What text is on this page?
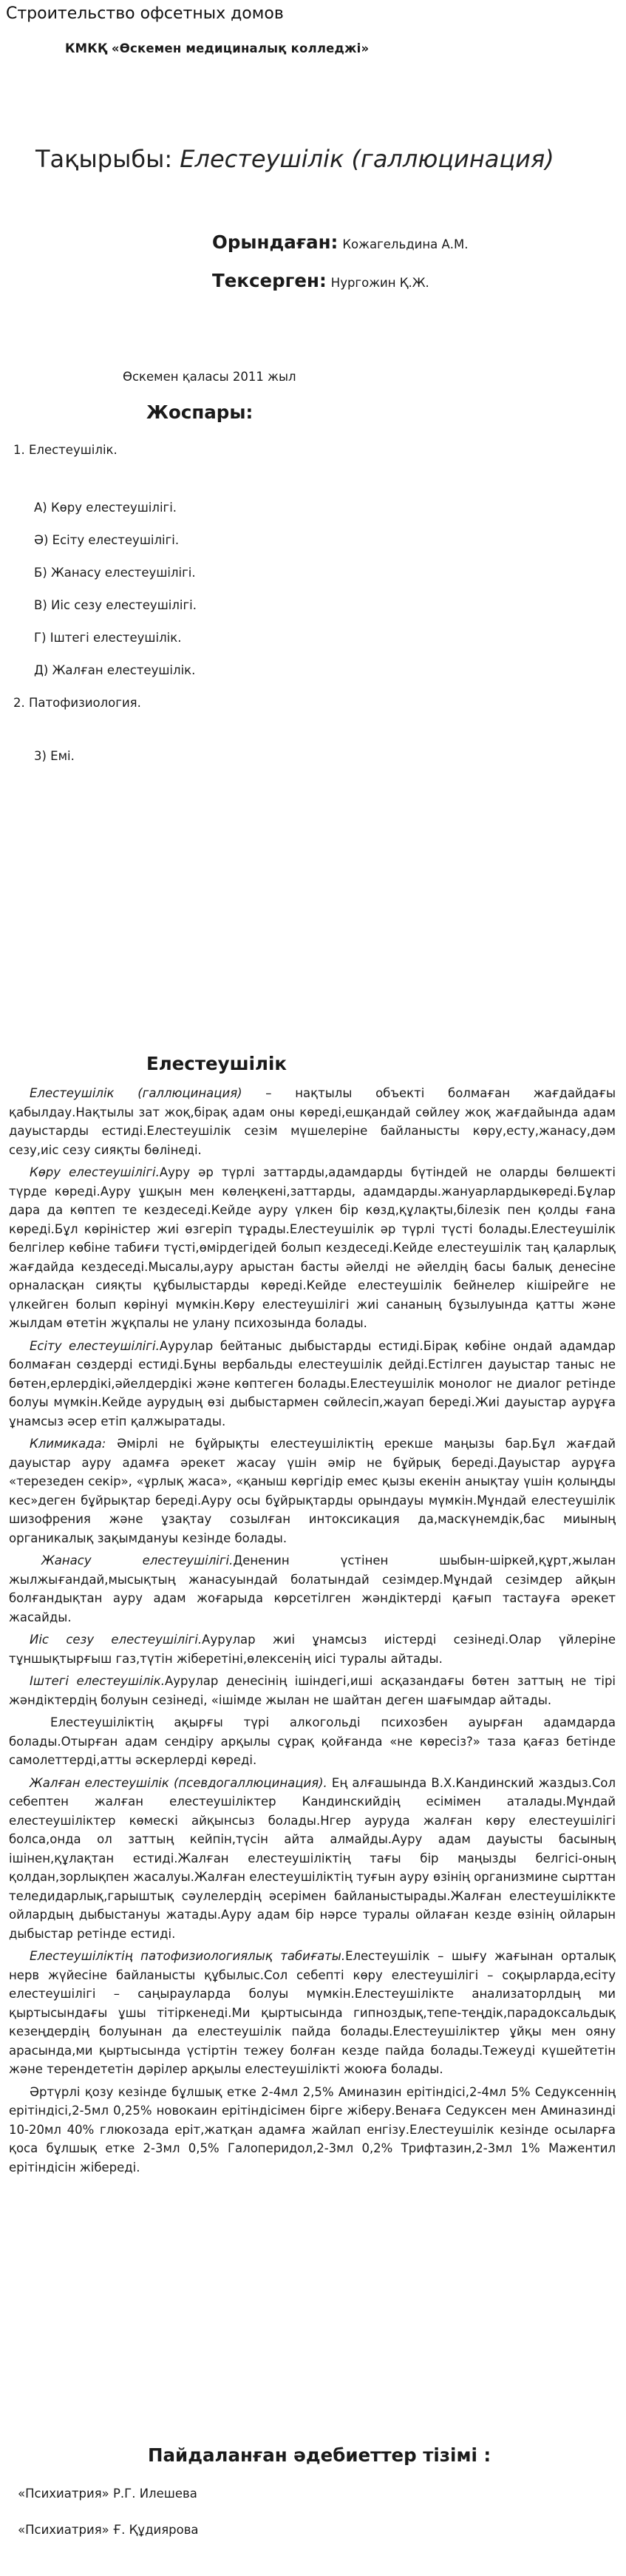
Строительство офсетных домов
КМКҚ «Өскемен медициналық колледжі»
Тақырыбы: Елестеушілік (галлюцинация)
Орындаған: Кожагельдина А.М.
Тексерген: Нургожин Қ.Ж.
Өскемен қаласы 2011 жыл
Жоспары:
1. Елестеушілік.
А) Көру елестеушілігі.
Ә) Есіту елестеушілігі.
Б) Жанасу елестеушілігі.
В) Иіс сезу елестеушілігі.
Г) Іштегі елестеушілік.
Д) Жалған елестеушілік.
2. Патофизиология.
3) Емі.
Елестеушілік

Елестеушілік (галлюцинация) – нақтылы объекті болмаған жағдайдағы қабылдау.Нақтылы зат жоқ,бірақ адам оны көреді,ешқандай сөйлеу жоқ жағдайында адам дауыстарды естиді.Елестеушілік сезім мүшелеріне байланысты көру,есту,жанасу,дәм сезу,иіс сезу сияқты бөлінеді.

Көру елестеушілігі.Ауру әр түрлі заттарды,адамдарды бүтіндей не оларды бөлшекті түрде көреді.Ауру ұшқын мен көлеңкені,заттарды, адамдарды.жануарлардыкөреді.Бұлар дара да көптеп те кездеседі.Кейде ауру үлкен бір көзд,құлақты,білезік пен қолды ғана көреді.Бұл көріністер жиі өзгеріп тұрады.Елестеушілік әр түрлі түсті болады.Елестеушілік белгілер көбіне табиғи түсті,өмірдегідей болып кездеседі.Кейде елестеушілік таң қаларлық жағдайда кездеседі.Мысалы,ауру арыстан басты әйелді не әйелдің басы балық денесіне орналасқан сияқты құбылыстарды көреді.Кейде елестеушілік бейнелер кішірейге не үлкейген болып көрінуі мүмкін.Көру елестеушілігі жиі сананың бұзылуында қатты және жылдам өтетін жұқпалы не улану психозында болады.

Есіту елестеушілігі.Аурулар бейтаныс дыбыстарды естиді.Бірақ көбіне ондай адамдар болмаған сөздерді естиді.Бұны вербальды елестеушілік дейді.Естілген дауыстар таныс не бөтен,ерлердікі,әйелдердікі және көптеген болады.Елестеушілік монолог не диалог ретінде болуы мүмкін.Кейде аурудың өзі дыбыстармен сөйлесіп,жауап береді.Жиі дауыстар аурұға ұнамсыз әсер етіп қалжыратады.

Климикада: Әмірлі не бұйрықты елестеушіліктің ерекше маңызы бар.Бұл жағдай дауыстар ауру адамға әрекет жасау үшін әмір не бұйрық береді.Дауыстар аурұға «терезеден секір», «ұрлық жаса», «қаныш көргідір емес қызы екенін анықтау үшін қолыңды кес»деген бұйрықтар береді.Ауру осы бұйрықтарды орындауы мүмкін.Мұндай елестеушілік шизофрения және ұзақтау созылған интоксикация да,маскүнемдік,бас миының органикалық зақымдануы кезінде болады.

Жанасу елестеушілігі.Дененин үстінен шыбын-шіркей,құрт,жылан жылжығандай,мысықтың жанасуындай болатындай сезімдер.Мұндай сезімдер айқын болғандықтан ауру адам жоғарыда көрсетілген жәндіктерді қағып тастауға әрекет жасайды.

Иіс сезу елестеушілігі.Аурулар жиі ұнамсыз иістерді сезінеді.Олар үйлеріне тұншықтырғыш газ,түтін жіберетіні,өлексенің иісі туралы айтады.

Іштегі елестеушілік.Аурулар денесінің ішіндегі,иші асқазандағы бөтен заттың не тірі жәндіктердің болуын сезінеді, «ішімде жылан не шайтан деген шағымдар айтады.

Елестеушіліктің ақырғы түрі алкогольді психозбен ауырған адамдарда болады.Отырған адам сендіру арқылы сұрақ қойғанда «не көресіз?» таза қағаз бетінде самолеттерді,атты әскерлерді көреді.

Жалған елестеушілік (псевдогаллюцинация). Ең алғашында В.Х.Кандинский жаздыз.Сол себептен жалған елестеушіліктер Кандинскийдің есімімен аталады.Мұндай елестеушіліктер көмескі айқынсыз болады.Нгер аурудa жалған көру елестеушілігі болса,онда ол заттың кейпін,түсін айта алмайды.Ауру адам дауысты басының ішінен,құлақтан естиді.Жалған елестеушіліктің тағы бір маңызды белгісі-оның қолдан,зорлықпен жасалуы.Жалған елестеушіліктің туғын ауру өзінің организмине сырттан теледидарлық,гарыштық сәулелердің әсерімен байланыстырады.Жалған елестеушіліккте ойлардың дыбыстануы жатады.Ауру адам бір нәрсе туралы ойлаған кезде өзінің ойларын дыбыстар ретінде естиді.

Елестеушіліктің патофизиологиялық табиғаты.Елестеушілік – шығу жағынан орталық нерв жүйесіне байланысты құбылыс.Сол себепті көру елестеушілігі – соқырларда,есіту елестеушілігі – саңырауларда болуы мүмкін.Елестеушілікте анализаторлдың ми қыртысындағы ұшы тітіркенеді.Ми қыртысында гипноздық,тепе-теңдік,парадоксальдық кезеңдердің болуынан да елестеушілік пайда болады.Елестеушіліктер ұйқы мен ояну арасында,ми қыртысында үстіртін тежеу болған кезде пайда болады.Тежеуді күшейтетін және терендететін дәрілер арқылы елестеушілікті жоюға болады.

Әртүрлі қозу кезінде бұлшық етке 2-4мл 2,5% Аминазин ерітіндісі,2-4мл 5% Седуксеннің ерітіндісі,2-5мл 0,25% новокаин ерітіндісімен бірге жібеpу.Венаға Седуксен мен Аминазинді 10-20мл 40% глюкозада еріт,жатқан адамға жайлап енгізу.Елестеушілік кезінде осыларға қоса бұлшық етке 2-3мл 0,5% Галоперидол,2-3мл 0,2% Трифтазин,2-3мл 1% Мажентил ерітіндісін жібереді.

Пайдаланған әдебиеттер тізімі :
«Психиатрия» Р.Г. Илешева
«Психиатрия» Ғ. Құдиярова
